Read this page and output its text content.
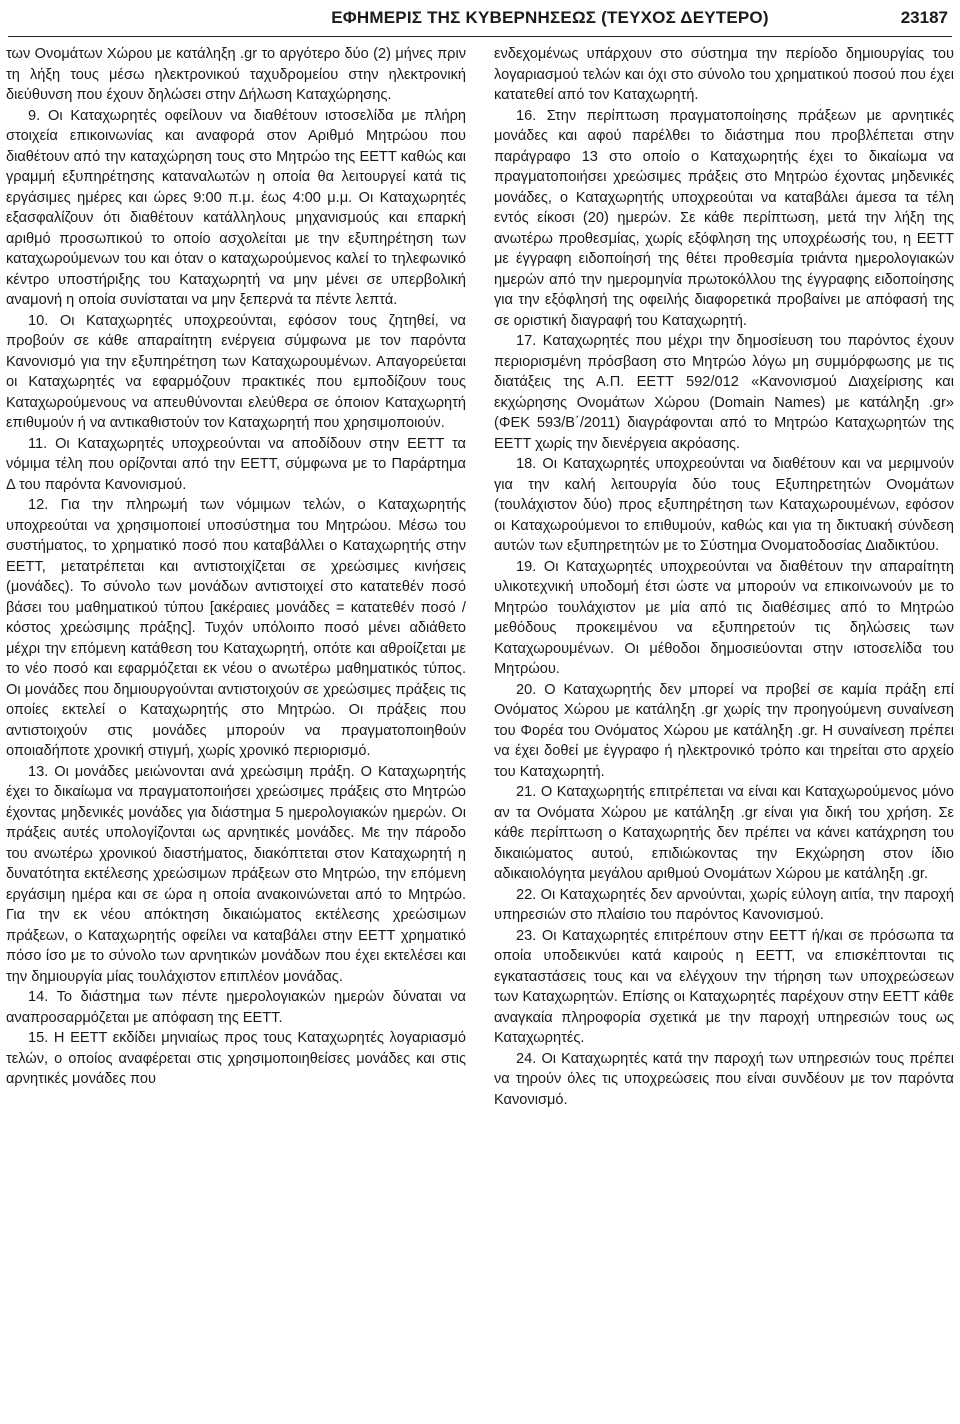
ΕΦΗΜΕΡΙΣ ΤΗΣ ΚΥΒΕΡΝΗΣΕΩΣ (ΤΕΥΧΟΣ ΔΕΥΤΕΡΟ)	23187

των Ονομάτων Χώρου με κατάληξη .gr το αργότερο δύο (2) μήνες πριν τη λήξη τους μέσω ηλεκτρονικού ταχυδρομείου στην ηλεκτρονική διεύθυνση που έχουν δηλώσει στην Δήλωση Καταχώρησης.

9. Οι Καταχωρητές οφείλουν να διαθέτουν ιστοσελίδα με πλήρη στοιχεία επικοινωνίας και αναφορά στον Αριθμό Μητρώου που διαθέτουν από την καταχώρηση τους στο Μητρώο της ΕΕΤΤ καθώς και γραμμή εξυπηρέτησης καταναλωτών η οποία θα λειτουργεί κατά τις εργάσιμες ημέρες και ώρες 9:00 π.μ. έως 4:00 μ.μ. Οι Καταχωρητές εξασφαλίζουν ότι διαθέτουν κατάλληλους μηχανισμούς και επαρκή αριθμό προσωπικού το οποίο ασχολείται με την εξυπηρέτηση των καταχωρούμενων του και όταν ο καταχωρούμενος καλεί το τηλεφωνικό κέντρο υποστήριξης του Καταχωρητή να μην μένει σε υπερβολική αναμονή η οποία συνίσταται να μην ξεπερνά τα πέντε λεπτά.

10. Οι Καταχωρητές υποχρεούνται, εφόσον τους ζητηθεί, να προβούν σε κάθε απαραίτητη ενέργεια σύμφωνα με τον παρόντα Κανονισμό για την εξυπηρέτηση των Καταχωρουμένων. Απαγορεύεται οι Καταχωρητές να εφαρμόζουν πρακτικές που εμποδίζουν τους Καταχωρούμενους να απευθύνονται ελεύθερα σε όποιον Καταχωρητή επιθυμούν ή να αντικαθιστούν τον Καταχωρητή που χρησιμοποιούν.

11. Οι Καταχωρητές υποχρεούνται να αποδίδουν στην ΕΕΤΤ τα νόμιμα τέλη που ορίζονται από την ΕΕΤΤ, σύμφωνα με το Παράρτημα Δ του παρόντα Κανονισμού.

12. Για την πληρωμή των νόμιμων τελών, ο Καταχωρητής υποχρεούται να χρησιμοποιεί υποσύστημα του Μητρώου. Μέσω του συστήματος, το χρηματικό ποσό που καταβάλλει ο Καταχωρητής στην ΕΕΤΤ, μετατρέπεται και αντιστοιχίζεται σε χρεώσιμες κινήσεις (μονάδες). Το σύνολο των μονάδων αντιστοιχεί στο κατατεθέν ποσό βάσει του μαθηματικού τύπου [ακέραιες μονάδες = κατατεθέν ποσό / κόστος χρεώσιμης πράξης]. Τυχόν υπόλοιπο ποσό μένει αδιάθετο μέχρι την επόμενη κατάθεση του Καταχωρητή, οπότε και αθροίζεται με το νέο ποσό και εφαρμόζεται εκ νέου ο ανωτέρω μαθηματικός τύπος. Οι μονάδες που δημιουργούνται αντιστοιχούν σε χρεώσιμες πράξεις τις οποίες εκτελεί ο Καταχωρητής στο Μητρώο. Οι πράξεις που αντιστοιχούν στις μονάδες μπορούν να πραγματοποιηθούν οποιαδήποτε χρονική στιγμή, χωρίς χρονικό περιορισμό.

13. Οι μονάδες μειώνονται ανά χρεώσιμη πράξη. Ο Καταχωρητής έχει το δικαίωμα να πραγματοποιήσει χρεώσιμες πράξεις στο Μητρώο έχοντας μηδενικές μονάδες για διάστημα 5 ημερολογιακών ημερών. Οι πράξεις αυτές υπολογίζονται ως αρνητικές μονάδες. Με την πάροδο του ανωτέρω χρονικού διαστήματος, διακόπτεται στον Καταχωρητή η δυνατότητα εκτέλεσης χρεώσιμων πράξεων στο Μητρώο, την επόμενη εργάσιμη ημέρα και σε ώρα η οποία ανακοινώνεται από το Μητρώο. Για την εκ νέου απόκτηση δικαιώματος εκτέλεσης χρεώσιμων πράξεων, ο Καταχωρητής οφείλει να καταβάλει στην ΕΕΤΤ χρηματικό πόσο ίσο με το σύνολο των αρνητικών μονάδων που έχει εκτελέσει και την δημιουργία μίας τουλάχιστον επιπλέον μονάδας.

14. Το διάστημα των πέντε ημερολογιακών ημερών δύναται να αναπροσαρμόζεται με απόφαση της ΕΕΤΤ.

15. Η ΕΕΤΤ εκδίδει μηνιαίως προς τους Καταχωρητές λογαριασμό τελών, ο οποίος αναφέρεται στις χρησιμοποιηθείσες μονάδες και στις αρνητικές μονάδες που

ενδεχομένως υπάρχουν στο σύστημα την περίοδο δημιουργίας του λογαριασμού τελών και όχι στο σύνολο του χρηματικού ποσού που έχει κατατεθεί από τον Καταχωρητή.

16. Στην περίπτωση πραγματοποίησης πράξεων με αρνητικές μονάδες και αφού παρέλθει το διάστημα που προβλέπεται στην παράγραφο 13 στο οποίο ο Καταχωρητής έχει το δικαίωμα να πραγματοποιήσει χρεώσιμες πράξεις στο Μητρώο έχοντας μηδενικές μονάδες, ο Καταχωρητής υποχρεούται να καταβάλει άμεσα τα τέλη εντός είκοσι (20) ημερών. Σε κάθε περίπτωση, μετά την λήξη της ανωτέρω προθεσμίας, χωρίς εξόφληση της υποχρέωσής του, η ΕΕΤΤ με έγγραφη ειδοποίησή της θέτει προθεσμία τριάντα ημερολογιακών ημερών από την ημερομηνία πρωτοκόλλου της έγγραφης ειδοποίησης για την εξόφλησή της οφειλής διαφορετικά προβαίνει με απόφασή της σε οριστική διαγραφή του Καταχωρητή.

17. Καταχωρητές που μέχρι την δημοσίευση του παρόντος έχουν περιορισμένη πρόσβαση στο Μητρώο λόγω μη συμμόρφωσης με τις διατάξεις της Α.Π. ΕΕΤΤ 592/012 «Κανονισμού Διαχείρισης και εκχώρησης Ονομάτων Χώρου (Domain Names) με κατάληξη .gr» (ΦΕΚ 593/Β΄/2011) διαγράφονται από το Μητρώο Καταχωρητών της ΕΕΤΤ χωρίς την διενέργεια ακρόασης.

18. Οι Καταχωρητές υποχρεούνται να διαθέτουν και να μεριμνούν για την καλή λειτουργία δύο τους Εξυπηρετητών Ονομάτων (τουλάχιστον δύο) προς εξυπηρέτηση των Καταχωρουμένων, εφόσον οι Καταχωρούμενοι το επιθυμούν, καθώς και για τη δικτυακή σύνδεση αυτών των εξυπηρετητών με το Σύστημα Ονοματοδοσίας Διαδικτύου.

19. Οι Καταχωρητές υποχρεούνται να διαθέτουν την απαραίτητη υλικοτεχνική υποδομή έτσι ώστε να μπορούν να επικοινωνούν με το Μητρώο τουλάχιστον με μία από τις διαθέσιμες από το Μητρώο μεθόδους προκειμένου να εξυπηρετούν τις δηλώσεις των Καταχωρουμένων. Οι μέθοδοι δημοσιεύονται στην ιστοσελίδα του Μητρώου.

20. Ο Καταχωρητής δεν μπορεί να προβεί σε καμία πράξη επί Ονόματος Χώρου με κατάληξη .gr χωρίς την προηγούμενη συναίνεση του Φορέα του Ονόματος Χώρου με κατάληξη .gr. Η συναίνεση πρέπει να έχει δοθεί με έγγραφο ή ηλεκτρονικό τρόπο και τηρείται στο αρχείο του Καταχωρητή.

21. Ο Καταχωρητής επιτρέπεται να είναι και Καταχωρούμενος μόνο αν τα Ονόματα Χώρου με κατάληξη .gr είναι για δική του χρήση. Σε κάθε περίπτωση ο Καταχωρητής δεν πρέπει να κάνει κατάχρηση του δικαιώματος αυτού, επιδιώκοντας την Εκχώρηση στον ίδιο αδικαιολόγητα μεγάλου αριθμού Ονομάτων Χώρου με κατάληξη .gr.

22. Οι Καταχωρητές δεν αρνούνται, χωρίς εύλογη αιτία, την παροχή υπηρεσιών στο πλαίσιο του παρόντος Κανονισμού.

23. Οι Καταχωρητές επιτρέπουν στην ΕΕΤΤ ή/και σε πρόσωπα τα οποία υποδεικνύει κατά καιρούς η ΕΕΤΤ, να επισκέπτονται τις εγκαταστάσεις τους και να ελέγχουν την τήρηση των υποχρεώσεων των Καταχωρητών. Επίσης οι Καταχωρητές παρέχουν στην ΕΕΤΤ κάθε αναγκαία πληροφορία σχετικά με την παροχή υπηρεσιών τους ως Καταχωρητές.

24. Οι Καταχωρητές κατά την παροχή των υπηρεσιών τους πρέπει να τηρούν όλες τις υποχρεώσεις που είναι συνδέουν με τον παρόντα Κανονισμό.
